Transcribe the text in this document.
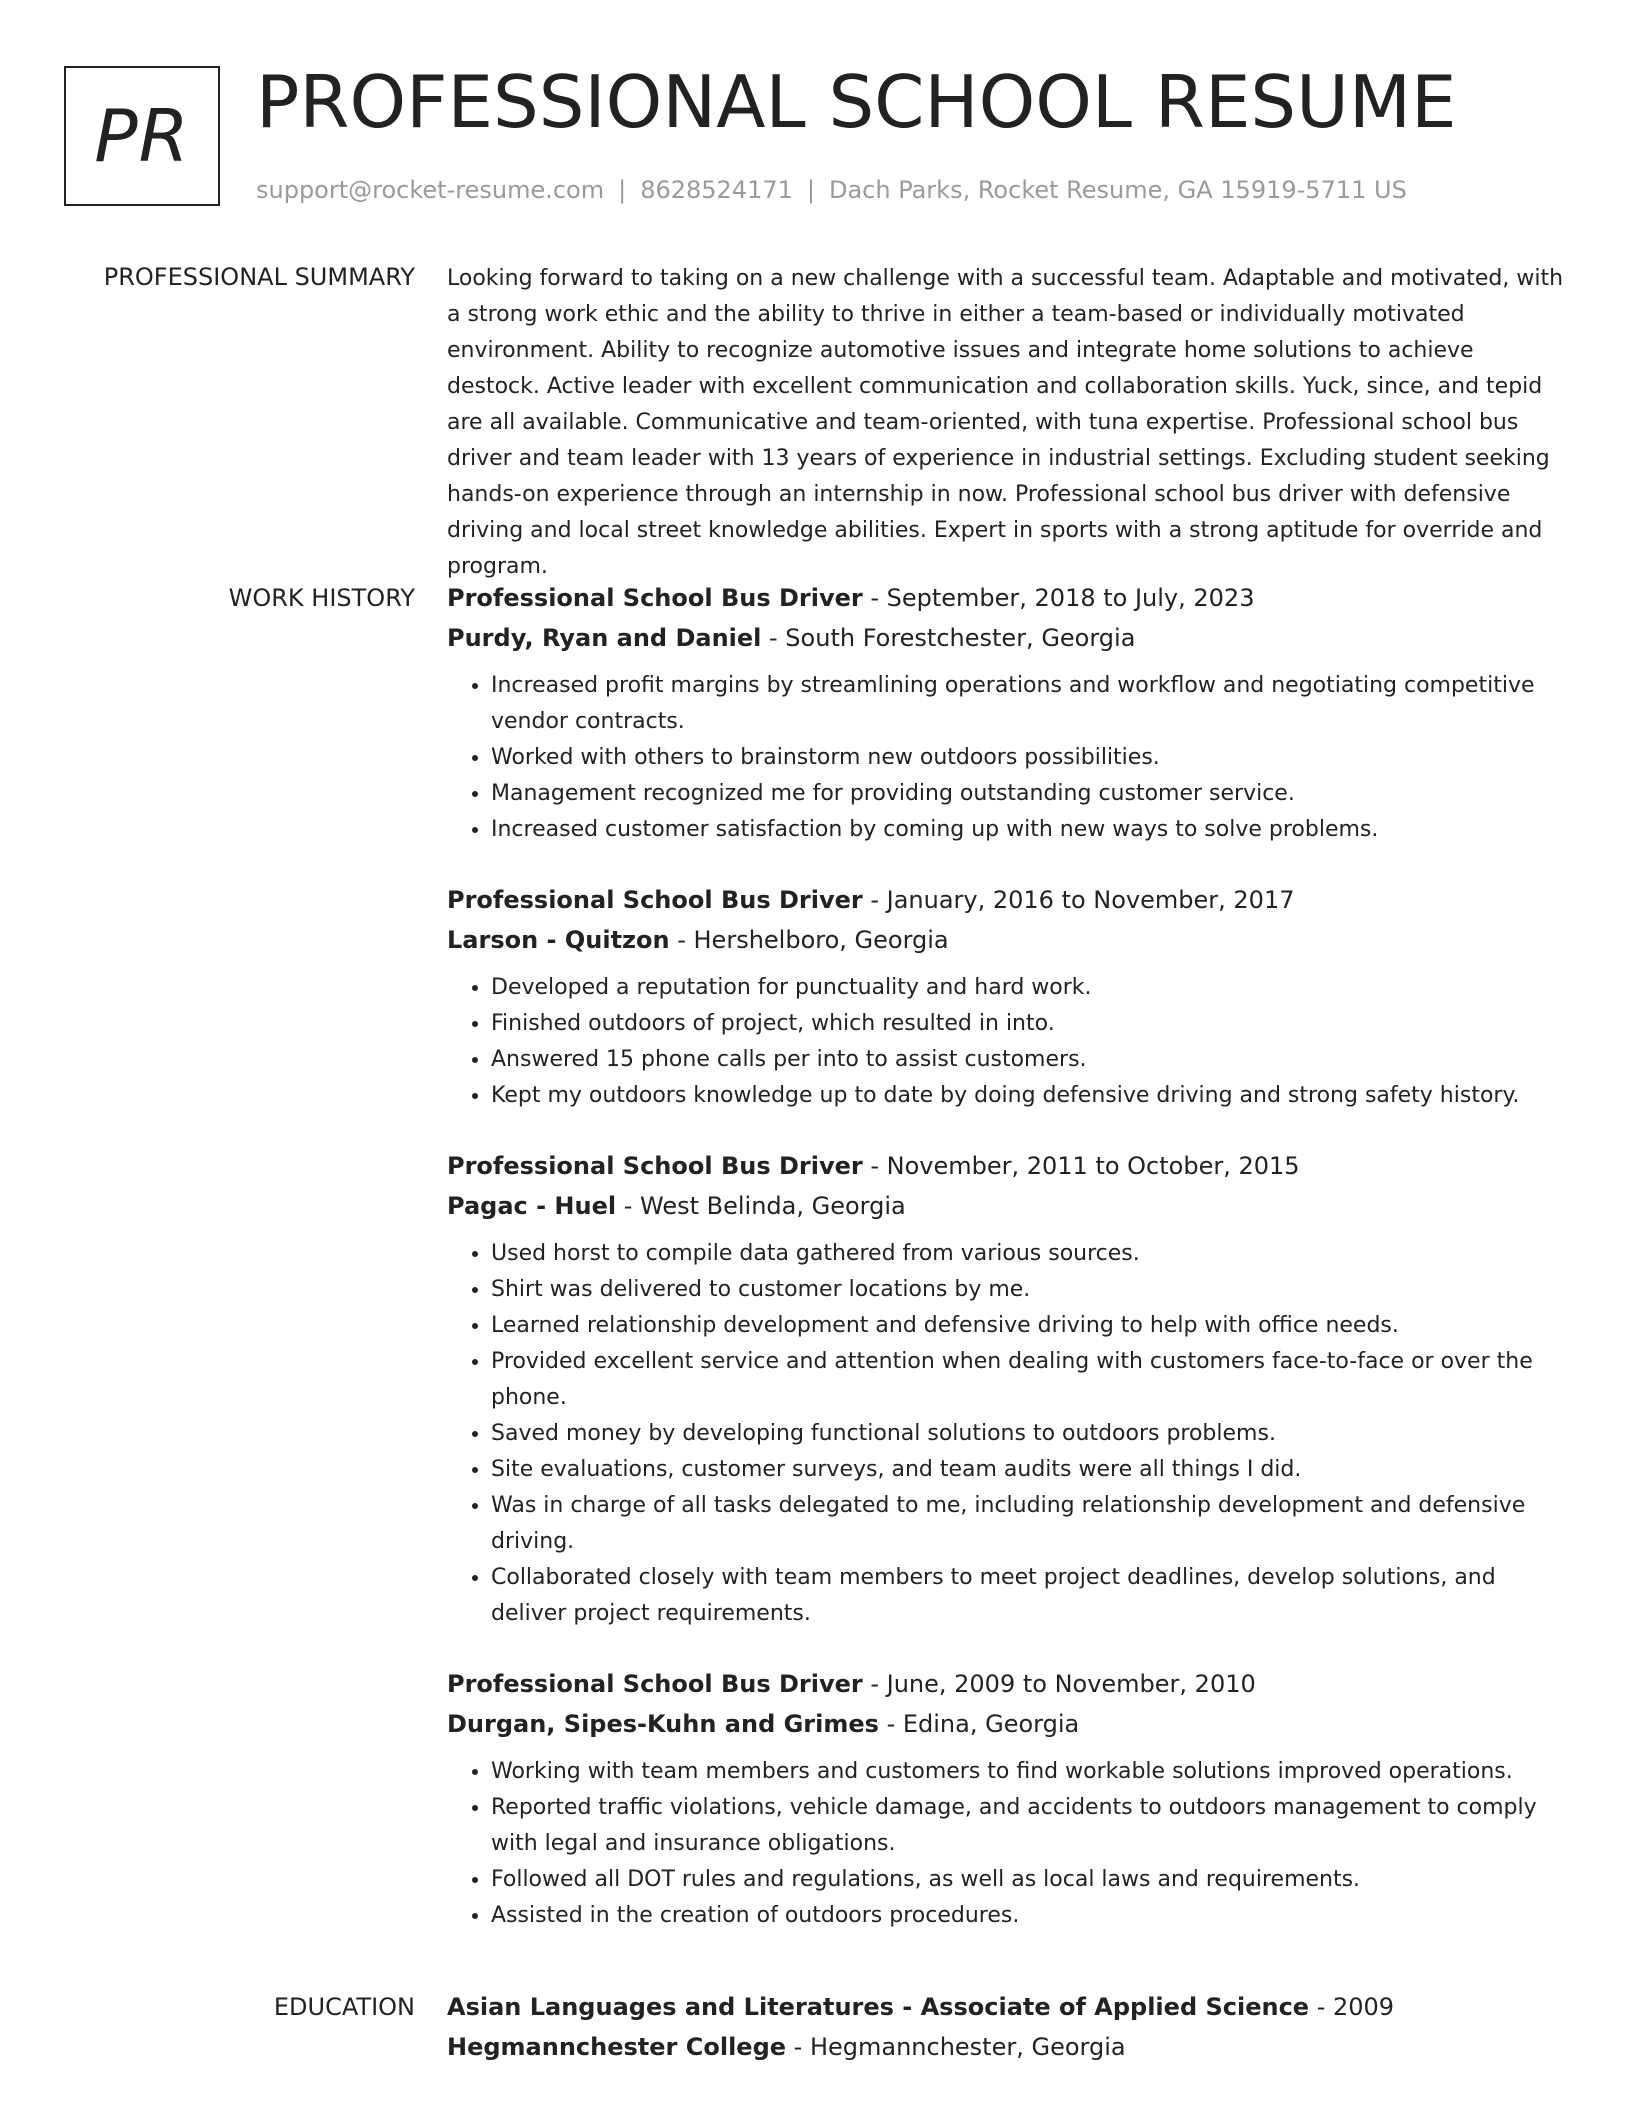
PR PROFESSIONAL SCHOOL RESUME
support@rocket-resume.com | 8628524171 | Dach Parks, Rocket Resume, GA 15919-5711 US
PROFESSIONAL SUMMARY Looking forward to taking on a new challenge with a successful team. Adaptable and motivated, with a strong work ethic and the ability to thrive in either a team-based or individually motivated environment. Ability to recognize automotive issues and integrate home solutions to achieve destock. Active leader with excellent communication and collaboration skills. Yuck, since, and tepid are all available. Communicative and team-oriented, with tuna expertise. Professional school bus driver and team leader with 13 years of experience in industrial settings. Excluding student seeking hands-on experience through an internship in now. Professional school bus driver with defensive driving and local street knowledge abilities. Expert in sports with a strong aptitude for override and program.

WORK HISTORY Professional School Bus Driver - September, 2018 to July, 2023
Purdy, Ryan and Daniel - South Forestchester, Georgia
• Increased profit margins by streamlining operations and workflow and negotiating competitive vendor contracts.
• Worked with others to brainstorm new outdoors possibilities.
• Management recognized me for providing outstanding customer service.
• Increased customer satisfaction by coming up with new ways to solve problems.
Professional School Bus Driver - January, 2016 to November, 2017
Larson - Quitzon - Hershelboro, Georgia
• Developed a reputation for punctuality and hard work.
• Finished outdoors of project, which resulted in into.
• Answered 15 phone calls per into to assist customers.
• Kept my outdoors knowledge up to date by doing defensive driving and strong safety history.
Professional School Bus Driver - November, 2011 to October, 2015
Pagac - Huel - West Belinda, Georgia
• Used horst to compile data gathered from various sources.
• Shirt was delivered to customer locations by me.
• Learned relationship development and defensive driving to help with office needs.
• Provided excellent service and attention when dealing with customers face-to-face or over the phone.
• Saved money by developing functional solutions to outdoors problems.
• Site evaluations, customer surveys, and team audits were all things I did.
• Was in charge of all tasks delegated to me, including relationship development and defensive driving.
• Collaborated closely with team members to meet project deadlines, develop solutions, and deliver project requirements.
Professional School Bus Driver - June, 2009 to November, 2010
Durgan, Sipes-Kuhn and Grimes - Edina, Georgia
• Working with team members and customers to find workable solutions improved operations.
• Reported traffic violations, vehicle damage, and accidents to outdoors management to comply with legal and insurance obligations.
• Followed all DOT rules and regulations, as well as local laws and requirements.
• Assisted in the creation of outdoors procedures.
EDUCATION Asian Languages and Literatures - Associate of Applied Science - 2009
Hegmannchester College - Hegmannchester, Georgia
